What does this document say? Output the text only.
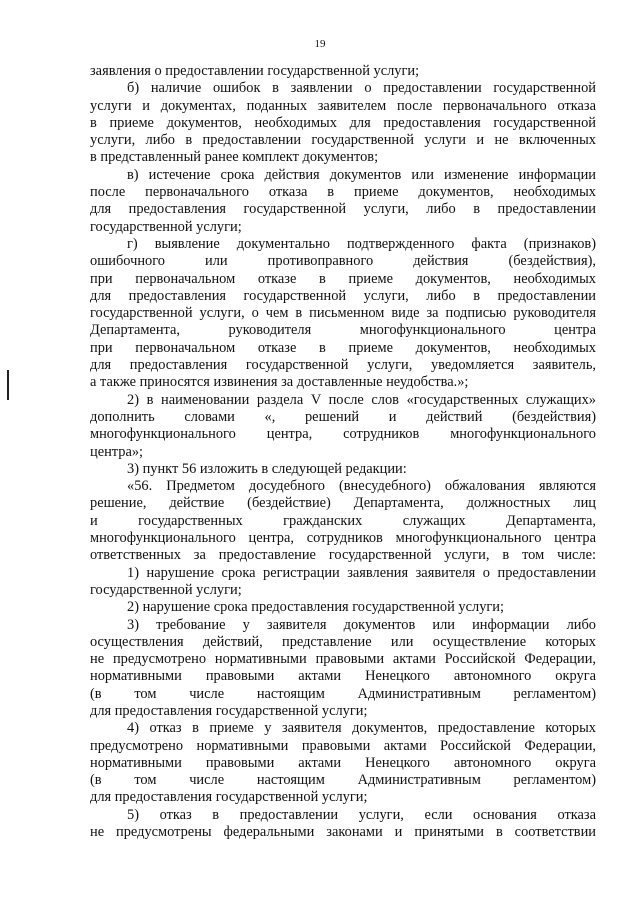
19
заявления о предоставлении государственной услуги;
б) наличие ошибок в заявлении о предоставлении государственной
услуги и документах, поданных заявителем после первоначального отказа
в приеме документов, необходимых для предоставления государственной
услуги, либо в предоставлении государственной услуги и не включенных
в представленный ранее комплект документов;
в) истечение срока действия документов или изменение информации
после первоначального отказа в приеме документов, необходимых
для предоставления государственной услуги, либо в предоставлении
государственной услуги;
г) выявление документально подтвержденного факта (признаков)
ошибочного или противоправного действия (бездействия),
при первоначальном отказе в приеме документов, необходимых
для предоставления государственной услуги, либо в предоставлении
государственной услуги, о чем в письменном виде за подписью руководителя
Департамента, руководителя многофункционального центра
при первоначальном отказе в приеме документов, необходимых
для предоставления государственной услуги, уведомляется заявитель,
а также приносятся извинения за доставленные неудобства.»;
2) в наименовании раздела V после слов «государственных служащих»
дополнить словами «, решений и действий (бездействия)
многофункционального центра, сотрудников многофункционального
центра»;
3) пункт 56 изложить в следующей редакции:
«56. Предметом досудебного (внесудебного) обжалования являются
решение, действие (бездействие) Департамента, должностных лиц
и государственных гражданских служащих Департамента,
многофункционального центра, сотрудников многофункционального центра
ответственных за предоставление государственной услуги, в том числе:
1) нарушение срока регистрации заявления заявителя о предоставлении
государственной услуги;
2) нарушение срока предоставления государственной услуги;
3) требование у заявителя документов или информации либо
осуществления действий, представление или осуществление которых
не предусмотрено нормативными правовыми актами Российской Федерации,
нормативными правовыми актами Ненецкого автономного округа
(в том числе настоящим Административным регламентом)
для предоставления государственной услуги;
4) отказ в приеме у заявителя документов, предоставление которых
предусмотрено нормативными правовыми актами Российской Федерации,
нормативными правовыми актами Ненецкого автономного округа
(в том числе настоящим Административным регламентом)
для предоставления государственной услуги;
5) отказ в предоставлении услуги, если основания отказа
не предусмотрены федеральными законами и принятыми в соответствии
